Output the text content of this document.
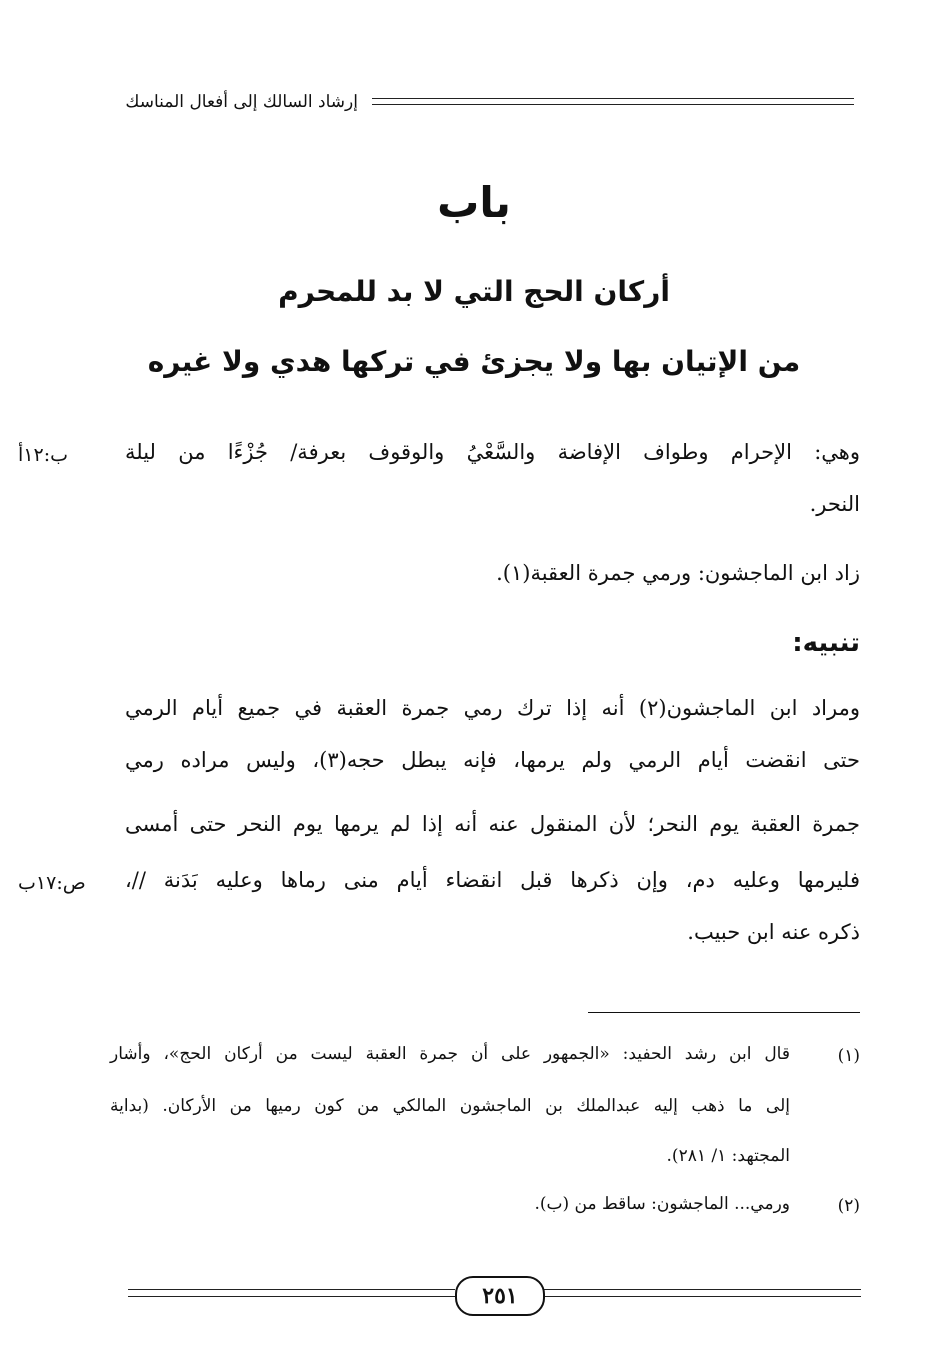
إرشاد السالك إلى أفعال المناسك
باب
أركان الحج التي لا بد للمحرم
من الإتيان بها ولا يجزئ في تركها هدي ولا غيره
وهي: الإحرام وطواف الإفاضة والسَّعْيُ والوقوف بعرفة/ جُزْءًا من ليلة
ب:١٢أ
النحر.
زاد ابن الماجشون: ورمي جمرة العقبة(١).
تنبيه:
ومراد ابن الماجشون(٢) أنه إذا ترك رمي جمرة العقبة في جميع أيام الرمي
حتى انقضت أيام الرمي ولم يرمها، فإنه يبطل حجه(٣)، وليس مراده رمي
جمرة العقبة يوم النحر؛ لأن المنقول عنه أنه إذا لم يرمها يوم النحر حتى أمسى
فليرمها وعليه دم، وإن ذكرها قبل انقضاء أيام منى رماها وعليه بَدَنة //،
ص:١٧ب
ذكره عنه ابن حبيب.
(١)
قال ابن رشد الحفيد: «الجمهور على أن جمرة العقبة ليست من أركان الحج»، وأشار
إلى ما ذهب إليه عبدالملك بن الماجشون المالكي من كون رميها من الأركان. (بداية
المجتهد: ١/ ٢٨١).
(٢)
ورمي... الماجشون: ساقط من (ب).
٢٥١
